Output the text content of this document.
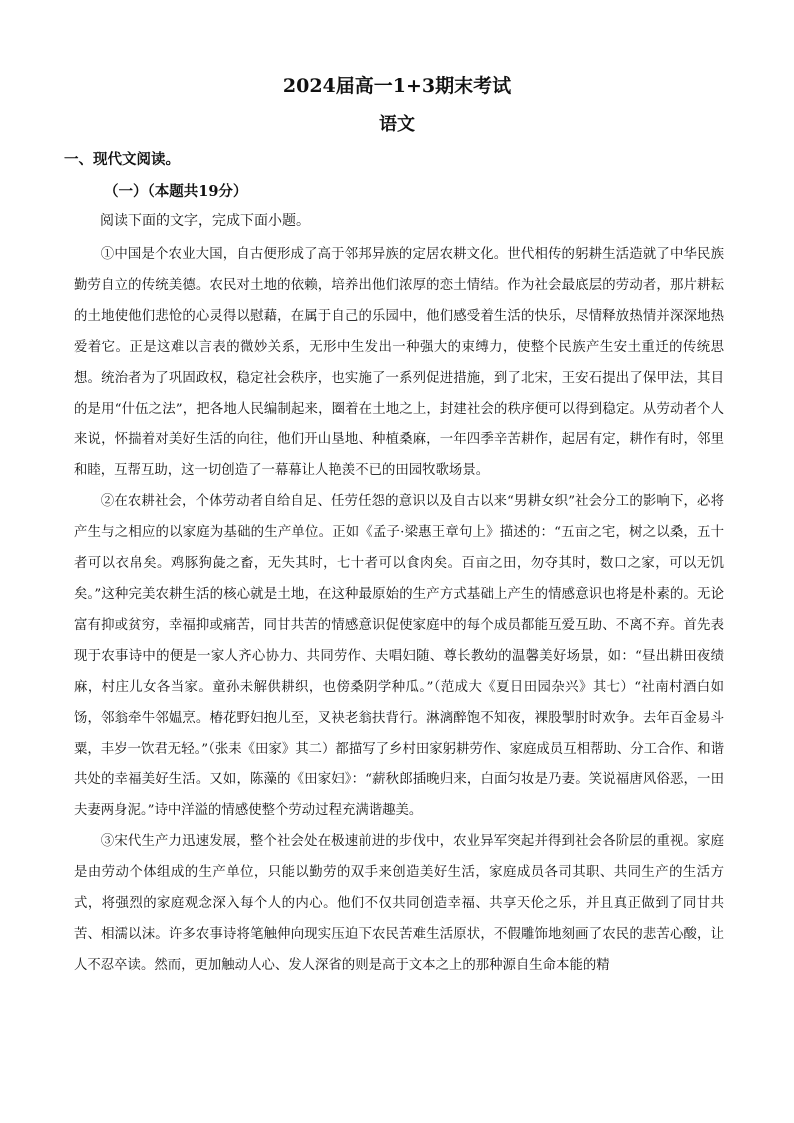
2024届高一1+3期末考试
语文
一、现代文阅读。
（一）（本题共19分）
阅读下面的文字，完成下面小题。

①中国是个农业大国，自古便形成了高于邻邦异族的定居农耕文化。世代相传的躬耕生活造就了中华民族勤劳自立的传统美德。农民对土地的依赖，培养出他们浓厚的恋土情结。作为社会最底层的劳动者，那片耕耘的土地使他们悲怆的心灵得以慰藉，在属于自己的乐园中，他们感受着生活的快乐，尽情释放热情并深深地热爱着它。正是这难以言表的微妙关系，无形中生发出一种强大的束缚力，使整个民族产生安土重迁的传统思想。统治者为了巩固政权，稳定社会秩序，也实施了一系列促进措施，到了北宋，王安石提出了保甲法，其目的是用“什伍之法”，把各地人民编制起来，圈着在土地之上，封建社会的秩序便可以得到稳定。从劳动者个人来说，怀揣着对美好生活的向往，他们开山垦地、种植桑麻，一年四季辛苦耕作，起居有定，耕作有时，邻里和睦，互帮互助，这一切创造了一幕幕让人艳羡不已的田园牧歌场景。

②在农耕社会，个体劳动者自给自足、任劳任怨的意识以及自古以来“男耕女织”社会分工的影响下，必将产生与之相应的以家庭为基础的生产单位。正如《孟子·梁惠王章句上》描述的：“五亩之宅，树之以桑，五十者可以衣帛矣。鸡豚狗彘之畜，无失其时，七十者可以食肉矣。百亩之田，勿夺其时，数口之家，可以无饥矣。”这种完美农耕生活的核心就是土地，在这种最原始的生产方式基础上产生的情感意识也将是朴素的。无论富有抑或贫穷，幸福抑或痛苦，同甘共苦的情感意识促使家庭中的每个成员都能互爱互助、不离不弃。首先表现于农事诗中的便是一家人齐心协力、共同劳作、夫唱妇随、尊长教幼的温馨美好场景，如：“昼出耕田夜绩麻，村庄儿女各当家。童孙未解供耕织，也傍桑阴学种瓜。”（范成大《夏日田园杂兴》其七）“社南村酒白如饧，邻翁牵牛邻媪烹。椿花野妇抱儿至，叉袂老翁扶背行。淋漓醉饱不知夜，裸股掣肘时欢争。去年百金易斗粟，丰岁一饮君无轻。”（张耒《田家》其二）都描写了乡村田家躬耕劳作、家庭成员互相帮助、分工合作、和谐共处的幸福美好生活。又如，陈藻的《田家妇》：“薪秋郎插晚归来，白面匀妆是乃妻。笑说福唐风俗恶，一田夫妻两身泥。”诗中洋溢的情感使整个劳动过程充满谐趣美。

③宋代生产力迅速发展，整个社会处在极速前进的步伐中，农业异军突起并得到社会各阶层的重视。家庭是由劳动个体组成的生产单位，只能以勤劳的双手来创造美好生活，家庭成员各司其职、共同生产的生活方式，将强烈的家庭观念深入每个人的内心。他们不仅共同创造幸福、共享天伦之乐，并且真正做到了同甘共苦、相濡以沫。许多农事诗将笔触伸向现实压迫下农民苦难生活原状，不假雕饰地刻画了农民的悲苦心酸，让人不忍卒读。然而，更加触动人心、发人深省的则是高于文本之上的那种源自生命本能的精
